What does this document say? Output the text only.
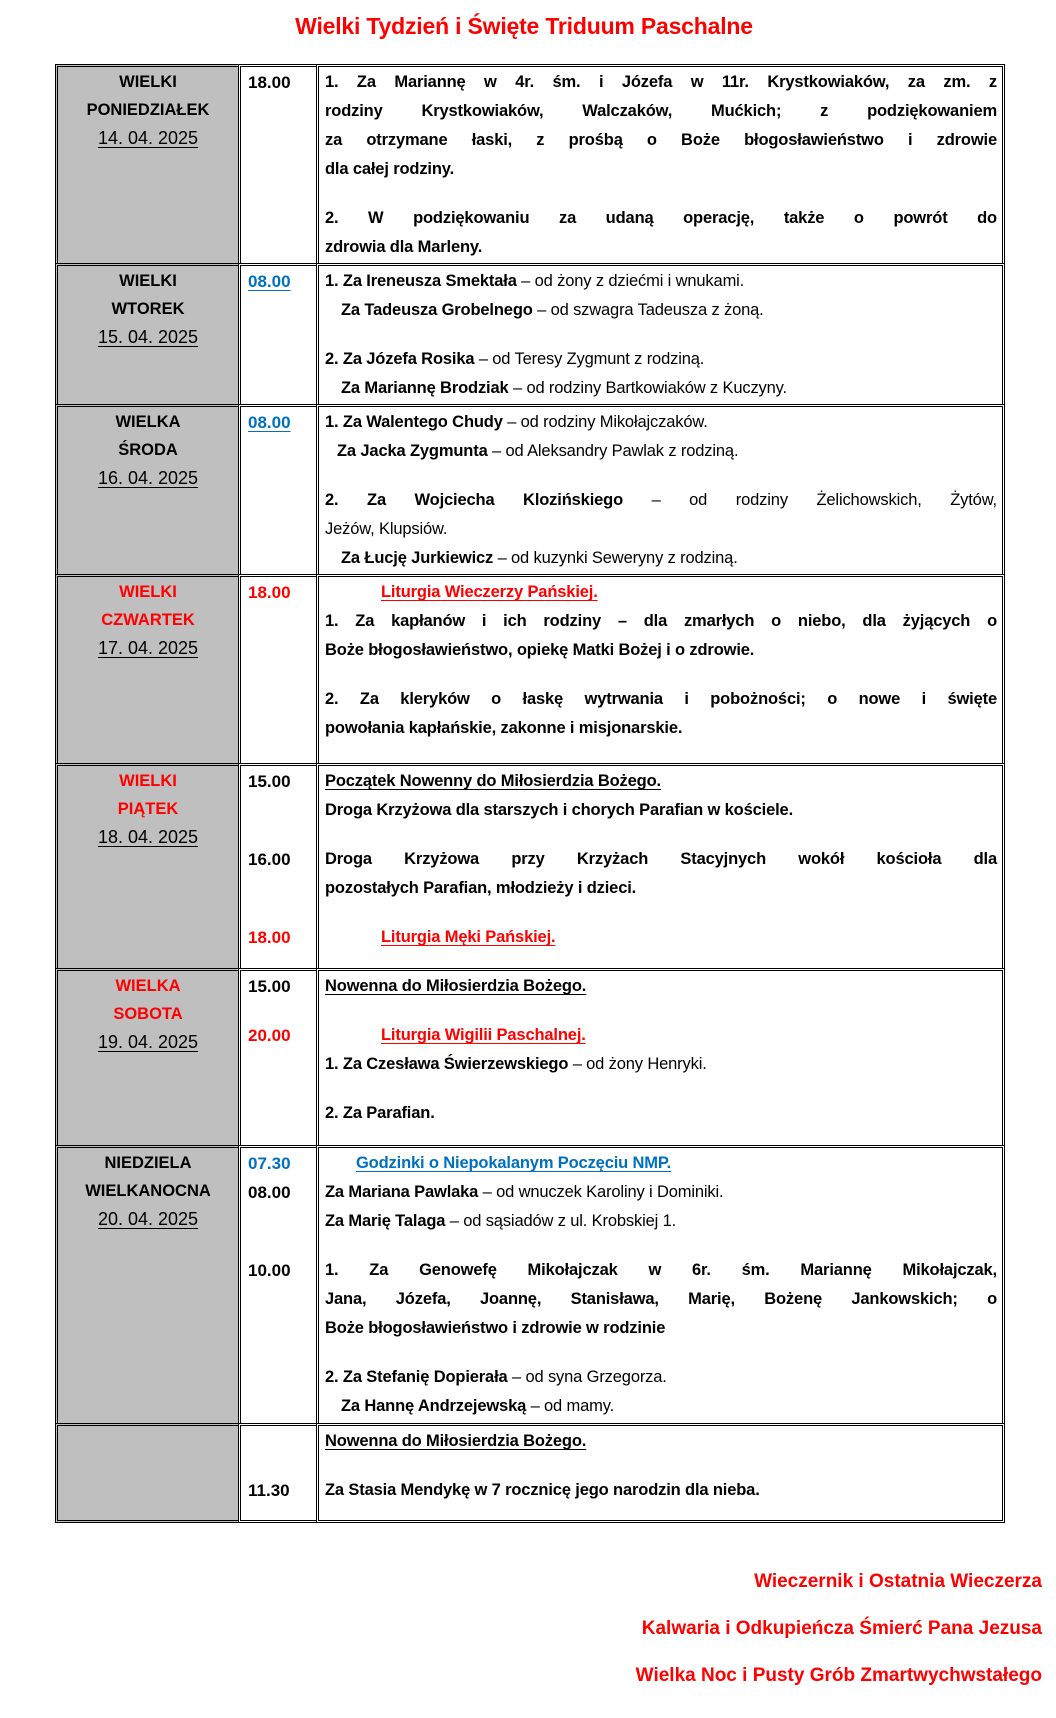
Wielki Tydzień i Święte Triduum Paschalne
WIELKI
PONIEDZIAŁEK
14. 04. 2025
18.00 1. Za Mariannę w 4r. śm. i Józefa w 11r. Krystkowiaków, za zm. z
rodziny Krystkowiaków, Walczaków, Mućkich; z podziękowaniem
za otrzymane łaski, z prośbą o Boże błogosławieństwo i zdrowie
dla całej rodziny.
2. W podziękowaniu za udaną operację, także o powrót do
zdrowia dla Marleny.
WIELKI
WTOREK
15. 04. 2025
08.00 1. Za Ireneusza Smektała – od żony z dziećmi i wnukami.
Za Tadeusza Grobelnego – od szwagra Tadeusza z żoną.
2. Za Józefa Rosika – od Teresy Zygmunt z rodziną.
Za Mariannę Brodziak – od rodziny Bartkowiaków z Kuczyny.
WIELKA
ŚRODA
16. 04. 2025
08.00 1. Za Walentego Chudy – od rodziny Mikołajczaków.
Za Jacka Zygmunta – od Aleksandry Pawlak z rodziną.
2. Za Wojciecha Klozińskiego – od rodziny Żelichowskich, Żytów,
Jeżów, Klupsiów.
Za Łucję Jurkiewicz – od kuzynki Seweryny z rodziną.
WIELKI
CZWARTEK
17. 04. 2025
18.00	Liturgia Wieczerzy Pańskiej.
1. Za kapłanów i ich rodziny – dla zmarłych o niebo, dla żyjących o
Boże błogosławieństwo, opiekę Matki Bożej i o zdrowie.
2. Za kleryków o łaskę wytrwania i pobożności; o nowe i święte
powołania kapłańskie, zakonne i misjonarskie.
WIELKI
PIĄTEK
18. 04. 2025
15.00
16.00
18.00
Początek Nowenny do Miłosierdzia Bożego.
Droga Krzyżowa dla starszych i chorych Parafian w kościele.
Droga Krzyżowa przy Krzyżach Stacyjnych wokół kościoła dla
pozostałych Parafian, młodzieży i dzieci.
Liturgia Męki Pańskiej.
WIELKA
SOBOTA
19. 04. 2025
15.00
20.00
Nowenna do Miłosierdzia Bożego.
Liturgia Wigilii Paschalnej.
1. Za Czesława Świerzewskiego – od żony Henryki.
2. Za Parafian.
NIEDZIELA
WIELKANOCNA
20. 04. 2025
07.30
08.00
10.00
Godzinki o Niepokalanym Poczęciu NMP.
Za Mariana Pawlaka – od wnuczek Karoliny i Dominiki.
Za Marię Talaga – od sąsiadów z ul. Krobskiej 1.
1. Za Genowefę Mikołajczak w 6r. śm. Mariannę Mikołajczak,
Jana, Józefa, Joannę, Stanisława, Marię, Bożenę Jankowskich; o
Boże błogosławieństwo i zdrowie w rodzinie
2. Za Stefanię Dopierała – od syna Grzegorza.
Za Hannę Andrzejewską – od mamy.
11.30
Nowenna do Miłosierdzia Bożego.
Za Stasia Mendykę w 7 rocznicę jego narodzin dla nieba.
Wieczernik i Ostatnia Wieczerza
Kalwaria i Odkupieńcza Śmierć Pana Jezusa
Wielka Noc i Pusty Grób Zmartwychwstałego
